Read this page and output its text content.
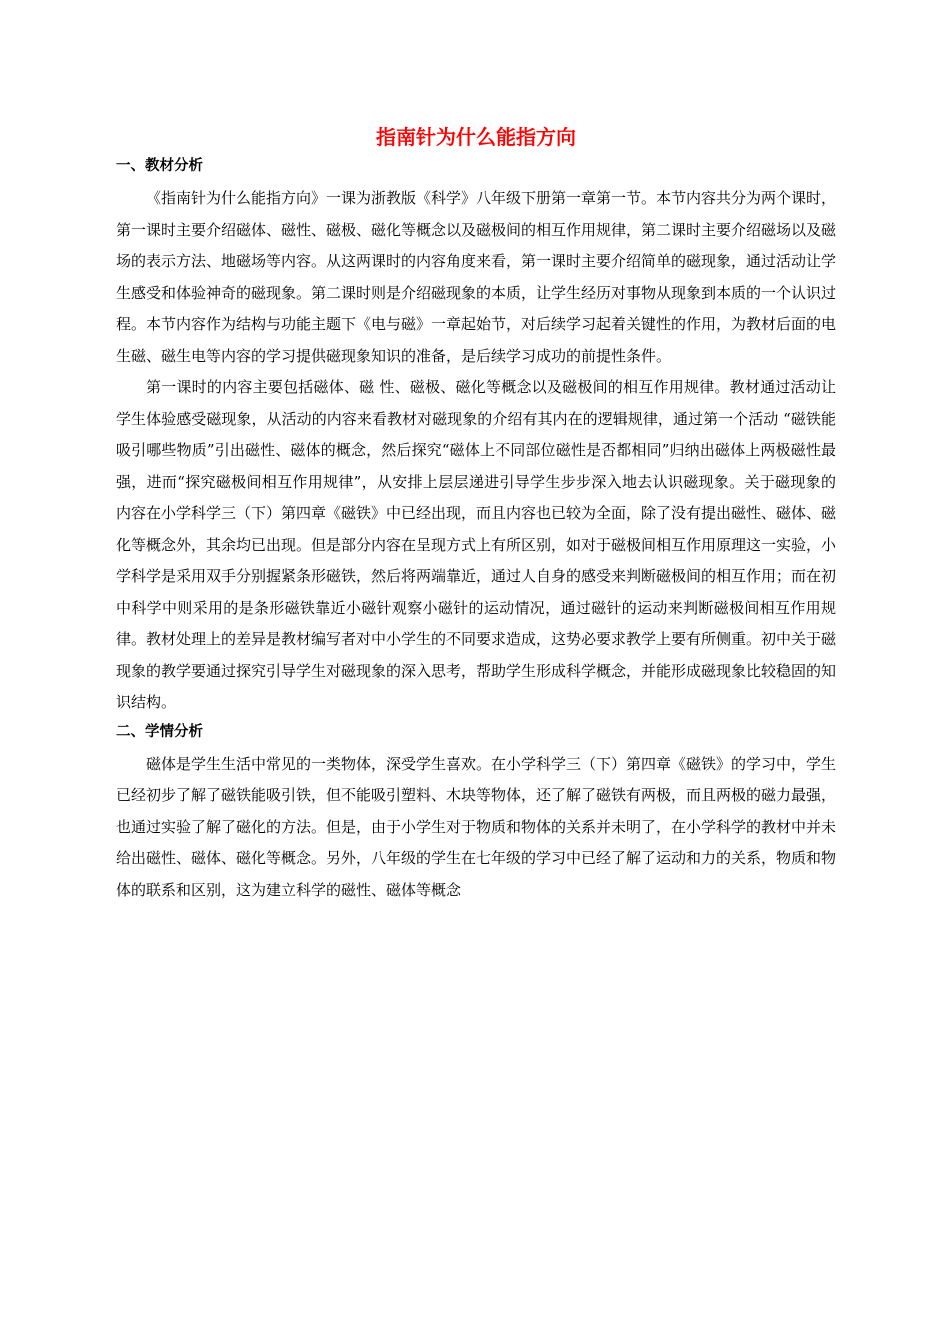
指南针为什么能指方向
一、教材分析

《指南针为什么能指方向》一课为浙教版《科学》八年级下册第一章第一节。本节内容共分为两个课时，第一课时主要介绍磁体、磁性、磁极、磁化等概念以及磁极间的相互作用规律，第二课时主要介绍磁场以及磁场的表示方法、地磁场等内容。从这两课时的内容角度来看，第一课时主要介绍简单的磁现象，通过活动让学生感受和体验神奇的磁现象。第二课时则是介绍磁现象的本质，让学生经历对事物从现象到本质的一个认识过程。本节内容作为结构与功能主题下《电与磁》一章起始节，对后续学习起着关键性的作用，为教材后面的电生磁、磁生电等内容的学习提供磁现象知识的准备，是后续学习成功的前提性条件。

第一课时的内容主要包括磁体、磁 性、磁极、磁化等概念以及磁极间的相互作用规律。教材通过活动让学生体验感受磁现象，从活动的内容来看教材对磁现象的介绍有其内在的逻辑规律，通过第一个活动 “磁铁能吸引哪些物质”引出磁性、磁体的概念，然后探究“磁体上不同部位磁性是否都相同”归纳出磁体上两极磁性最强，进而“探究磁极间相互作用规律”，从安排上层层递进引导学生步步深入地去认识磁现象。关于磁现象的内容在小学科学三（下）第四章《磁铁》中已经出现，而且内容也已较为全面，除了没有提出磁性、磁体、磁化等概念外，其余均已出现。但是部分内容在呈现方式上有所区别，如对于磁极间相互作用原理这一实验，小学科学是采用双手分别握紧条形磁铁，然后将两端靠近，通过人自身的感受来判断磁极间的相互作用；而在初中科学中则采用的是条形磁铁靠近小磁针观察小磁针的运动情况，通过磁针的运动来判断磁极间相互作用规律。教材处理上的差异是教材编写者对中小学生的不同要求造成，这势必要求教学上要有所侧重。初中关于磁现象的教学要通过探究引导学生对磁现象的深入思考，帮助学生形成科学概念，并能形成磁现象比较稳固的知识结构。

二、学情分析

磁体是学生生活中常见的一类物体，深受学生喜欢。在小学科学三（下）第四章《磁铁》的学习中，学生已经初步了解了磁铁能吸引铁，但不能吸引塑料、木块等物体，还了解了磁铁有两极，而且两极的磁力最强，也通过实验了解了磁化的方法。但是，由于小学生对于物质和物体的关系并未明了，在小学科学的教材中并未给出磁性、磁体、磁化等概念。另外，八年级的学生在七年级的学习中已经了解了运动和力的关系，物质和物体的联系和区别，这为建立科学的磁性、磁体等概念
